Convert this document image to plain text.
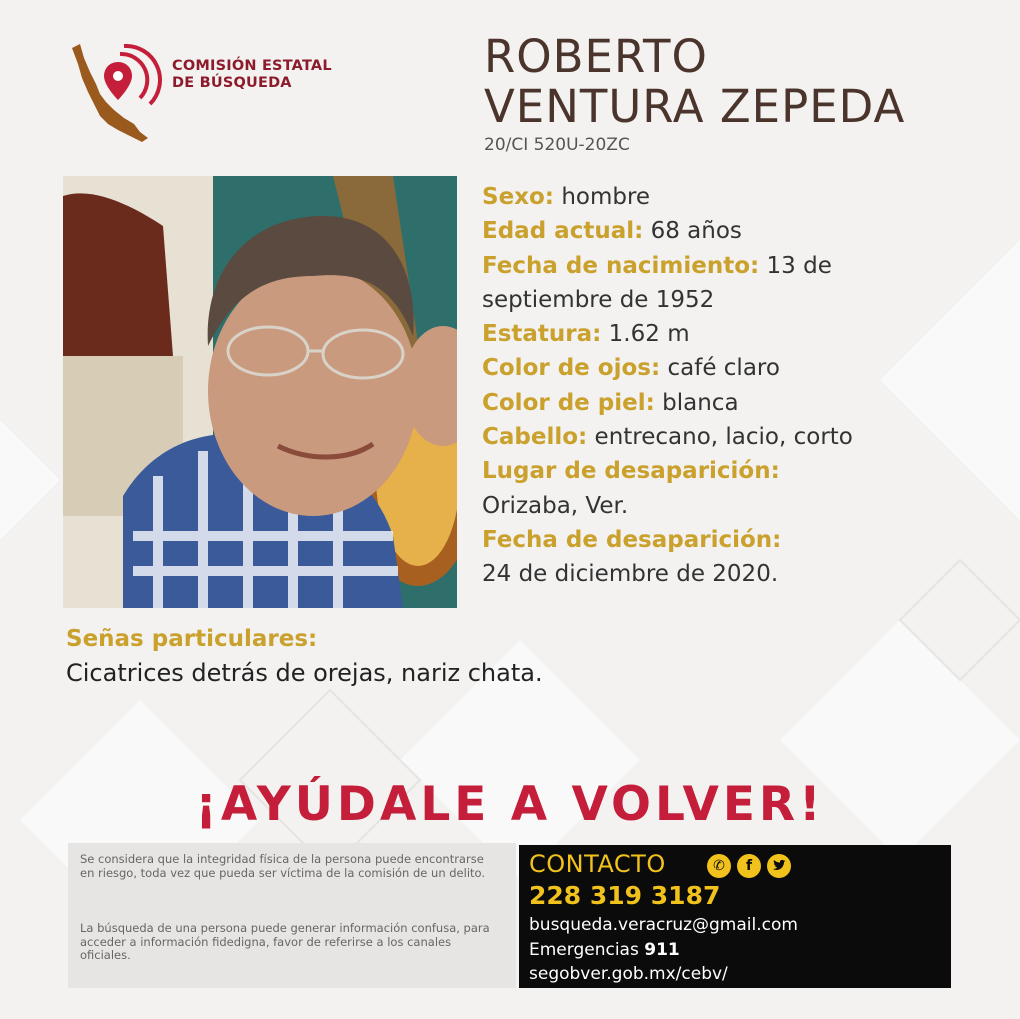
COMISIÓN ESTATAL
DE BÚSQUEDA	ROBERTO
VENTURA ZEPEDA
20/CI 520U-20ZC
Sexo: hombre
Edad actual: 68 años
Fecha de nacimiento: 13 de septiembre de 1952
Estatura: 1.62 m
Color de ojos: café claro
Color de piel: blanca
Cabello: entrecano, lacio, corto
Lugar de desaparición:
Orizaba, Ver.
Fecha de desaparición:
24 de diciembre de 2020.
Señas particulares:
Cicatrices detrás de orejas, nariz chata.
¡AYÚDALE A VOLVER!
Se considera que la integridad física de la persona puede encontrarse en riesgo, toda vez que pueda ser víctima de la comisión de un delito.
La búsqueda de una persona puede generar información confusa, para acceder a información fidedigna, favor de referirse a los canales oficiales.
CONTACTO	✆	f
228 319 3187
busqueda.veracruz@gmail.com
Emergencias 911
segobver.gob.mx/cebv/
